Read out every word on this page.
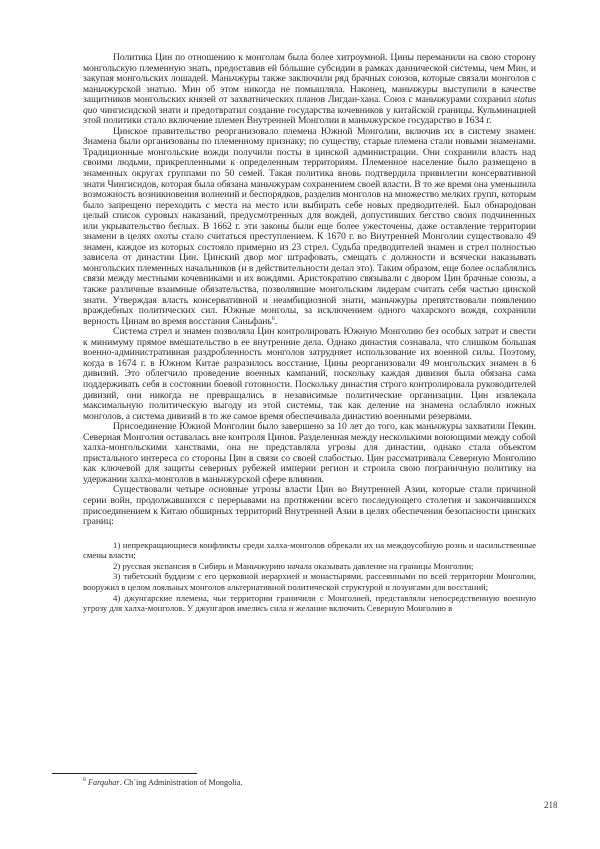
Политика Цин по отношению к монголам была более хитроумной. Цины переманили на свою сторону монгольскую племенную знать, предоставив ей бóльшие субсидии в рамках даннической системы, чем Мин, и закупая монгольских лошадей. Маньчжуры также заключили ряд брачных союзов, которые связали монголов с маньчжурской знатью. Мин об этом никогда не помышляла. Наконец, маньчжуры выступили в качестве защитников монгольских князей от захватнических планов Лигдан-хана. Союз с маньчжурами сохранил status quo чингисидской знати и предотвратил создание государства кочевников у китайской границы. Кульминацией этой политики стало включение племен Внутренней Монголии в маньчжурское государство в 1634 г.

Цинское правительство реорганизовало племена Южной Монголии, включив их в систему знамен. Знамена были организованы по племенному признаку; по существу, старые племена стали новыми знаменами. Традиционные монгольские вожди получили посты в цинской администрации. Они сохранили власть над своими людьми, прикрепленными к определенным территориям. Племенное население было размещено в знаменных округах группами по 50 семей. Такая политика вновь подтвердила привилегии консервативной знати Чингисидов, которая была обязана маньчжурам сохранением своей власти. В то же время она уменьшила возможность возникновения волнений и беспорядков, разделив монголов на множество мелких групп, которым было запрещено переходить с места на место или выбирать себе новых предводителей. Был обнародован целый список суровых наказаний, предусмотренных для вождей, допустивших бегство своих подчиненных или укрывательство беглых. В 1662 г. эти законы были еще более ужесточены, даже оставление территории знамени в целях охоты стало считаться преступлением. К 1670 г. во Внутренней Монголии существовало 49 знамен, каждое из которых состояло примерно из 23 стрел. Судьба предводителей знамен и стрел полностью зависела от династии Цин. Цинский двор мог штрафовать, смещать с должности и всячески наказывать монгольских племенных начальников (и в действительности делал это). Таким образом, еще более ослаблялись связи между местными кочевниками и их вождями. Аристократию связывали с двором Цин брачные союзы, а также различные взаимные обязательства, позволявшие монгольским лидерам считать себя частью цинской знати. Утверждая власть консервативной и неамбициозной знати, маньчжуры препятствовали появлению враждебных политических сил. Южные монголы, за исключением одного чахарского вождя, сохранили верность Цинам во время восстания Саньфань$^6$.

Система стрел и знамен позволяла Цин контролировать Южную Монголию без особых затрат и свести к минимуму прямое вмешательство в ее внутренние дела. Однако династия сознавала, что слишком большая военно-административная раздробленность монголов затрудняет использование их военной силы. Поэтому, когда в 1674 г. в Южном Китае разразилось восстание, Цины реорганизовали 49 монгольских знамен в 6 дивизий. Это облегчило проведение военных кампаний, поскольку каждая дивизия была обязана сама поддерживать себя в состоянии боевой готовности. Поскольку династия строго контролировала руководителей дивизий, они никогда не превращались в независимые политические организации. Цин извлекала максимальную политическую выгоду из этой системы, так как деление на знамена ослабляло южных монголов, а система дивизий в то же самое время обеспечивала династию военными резервами.

Присоединение Южной Монголии было завершено за 10 лет до того, как маньчжуры захватили Пекин. Северная Монголия оставалась вне контроля Цинов. Разделенная между несколькими воюющими между собой халха-монгольскими ханствами, она не представляла угрозы для династии, однако стала объектом пристального интереса со стороны Цин в связи со своей слабостью. Цин рассматривала Северную Монголию как ключевой для защиты северных рубежей империи регион и строила свою пограничную политику на удержании халха-монголов в маньчжурской сфере влияния.

Существовали четыре основные угрозы власти Цин во Внутренней Азии, которые стали причиной серии войн, продолжавшихся с перерывами на протяжении всего последующего столетия и закончившихся присоединением к Китаю обширных территорий Внутренней Азии в целях обеспечения безопасности цинских границ:

1) непрекращающиеся конфликты среди халха-монголов обрекали их на междоусобную рознь и насильственные смены власти;

2) русская экспансия в Сибирь и Маньчжурию начала оказывать давление на границы Монголии;

3) тибетский буддизм с его церковной иерархией и монастырями, рассеянными по всей территории Монголии, вооружил в целом лояльных монголов альтернативной политической структурой и лозунгами для восстаний;

4) джунгарские племена, чьи территории граничили с Монголией, представляли непосредственную военную угрозу для халха-монголов. У джунгаров имелись сила и желание включить Северную Монголию в

$^6$ Farquhar. Ch`ing Administration of Mongolia.
218
